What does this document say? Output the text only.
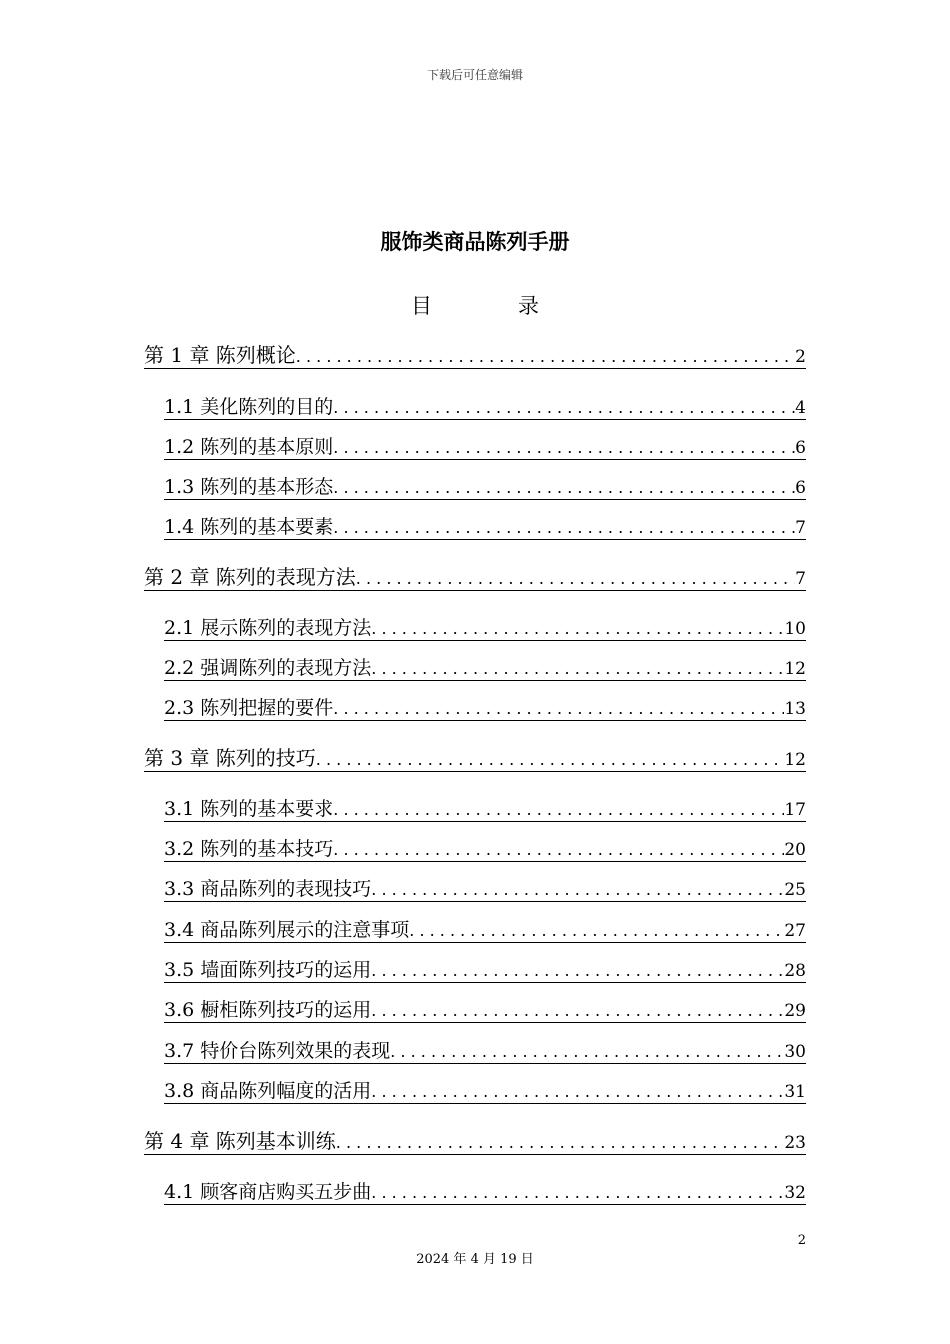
下载后可任意编辑
服饰类商品陈列手册
目	录
第 1 章 陈列概论 . . .	2
1.1 美化陈列的目的 . . .	4
1.2 陈列的基本原则 . . .	6
1.3 陈列的基本形态 . . .	6
1.4 陈列的基本要素 . . .	7
第 2 章 陈列的表现方法 . . .	7
2.1 展示陈列的表现方法 . . .	10
2.2 强调陈列的表现方法 . . .	12
2.3 陈列把握的要件 . . .	13
第 3 章 陈列的技巧 . . .	12
3.1 陈列的基本要求 . . .	17
3.2 陈列的基本技巧 . . .	20
3.3 商品陈列的表现技巧 . . .	25
3.4 商品陈列展示的注意事项 . . .	27
3.5 墙面陈列技巧的运用 . . .	28
3.6 橱柜陈列技巧的运用 . . .	29
3.7 特价台陈列效果的表现 . . .	30
3.8 商品陈列幅度的活用 . . .	31
第 4 章 陈列基本训练 . . .	23
4.1 顾客商店购买五步曲 . . .	32
2
2024 年 4 月 19 日
